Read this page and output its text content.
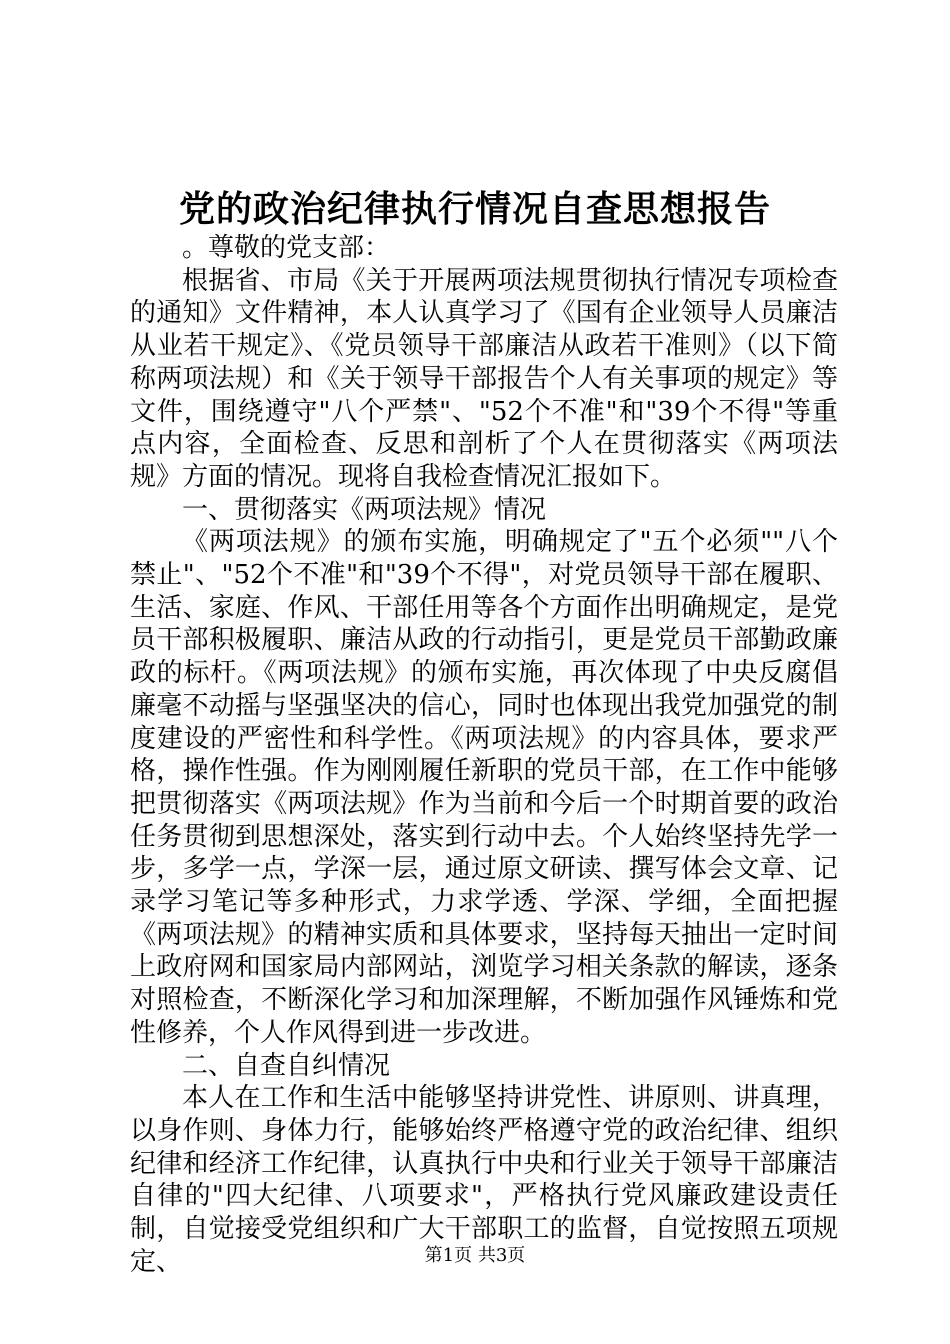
党的政治纪律执行情况自查思想报告

。尊敬的党支部：

根据省、市局《关于开展两项法规贯彻执行情况专项检查的通知》文件精神，本人认真学习了《国有企业领导人员廉洁从业若干规定》、《党员领导干部廉洁从政若干准则》（以下简称两项法规）和《关于领导干部报告个人有关事项的规定》等文件，围绕遵守"八个严禁"、"52个不准"和"39个不得"等重点内容，全面检查、反思和剖析了个人在贯彻落实《两项法规》方面的情况。现将自我检查情况汇报如下。

一、贯彻落实《两项法规》情况

《两项法规》的颁布实施，明确规定了"五个必须""八个禁止"、"52个不准"和"39个不得"，对党员领导干部在履职、生活、家庭、作风、干部任用等各个方面作出明确规定，是党员干部积极履职、廉洁从政的行动指引，更是党员干部勤政廉政的标杆。《两项法规》的颁布实施，再次体现了中央反腐倡廉毫不动摇与坚强坚决的信心，同时也体现出我党加强党的制度建设的严密性和科学性。《两项法规》的内容具体，要求严格，操作性强。作为刚刚履任新职的党员干部，在工作中能够把贯彻落实《两项法规》作为当前和今后一个时期首要的政治任务贯彻到思想深处，落实到行动中去。个人始终坚持先学一步，多学一点，学深一层，通过原文研读、撰写体会文章、记录学习笔记等多种形式，力求学透、学深、学细，全面把握《两项法规》的精神实质和具体要求，坚持每天抽出一定时间上政府网和国家局内部网站，浏览学习相关条款的解读，逐条对照检查，不断深化学习和加深理解，不断加强作风锤炼和党性修养，个人作风得到进一步改进。

二、自查自纠情况

本人在工作和生活中能够坚持讲党性、讲原则、讲真理，以身作则、身体力行，能够始终严格遵守党的政治纪律、组织纪律和经济工作纪律，认真执行中央和行业关于领导干部廉洁自律的"四大纪律、八项要求"，严格执行党风廉政建设责任制，自觉接受党组织和广大干部职工的监督，自觉按照五项规定、	第1页 共3页
